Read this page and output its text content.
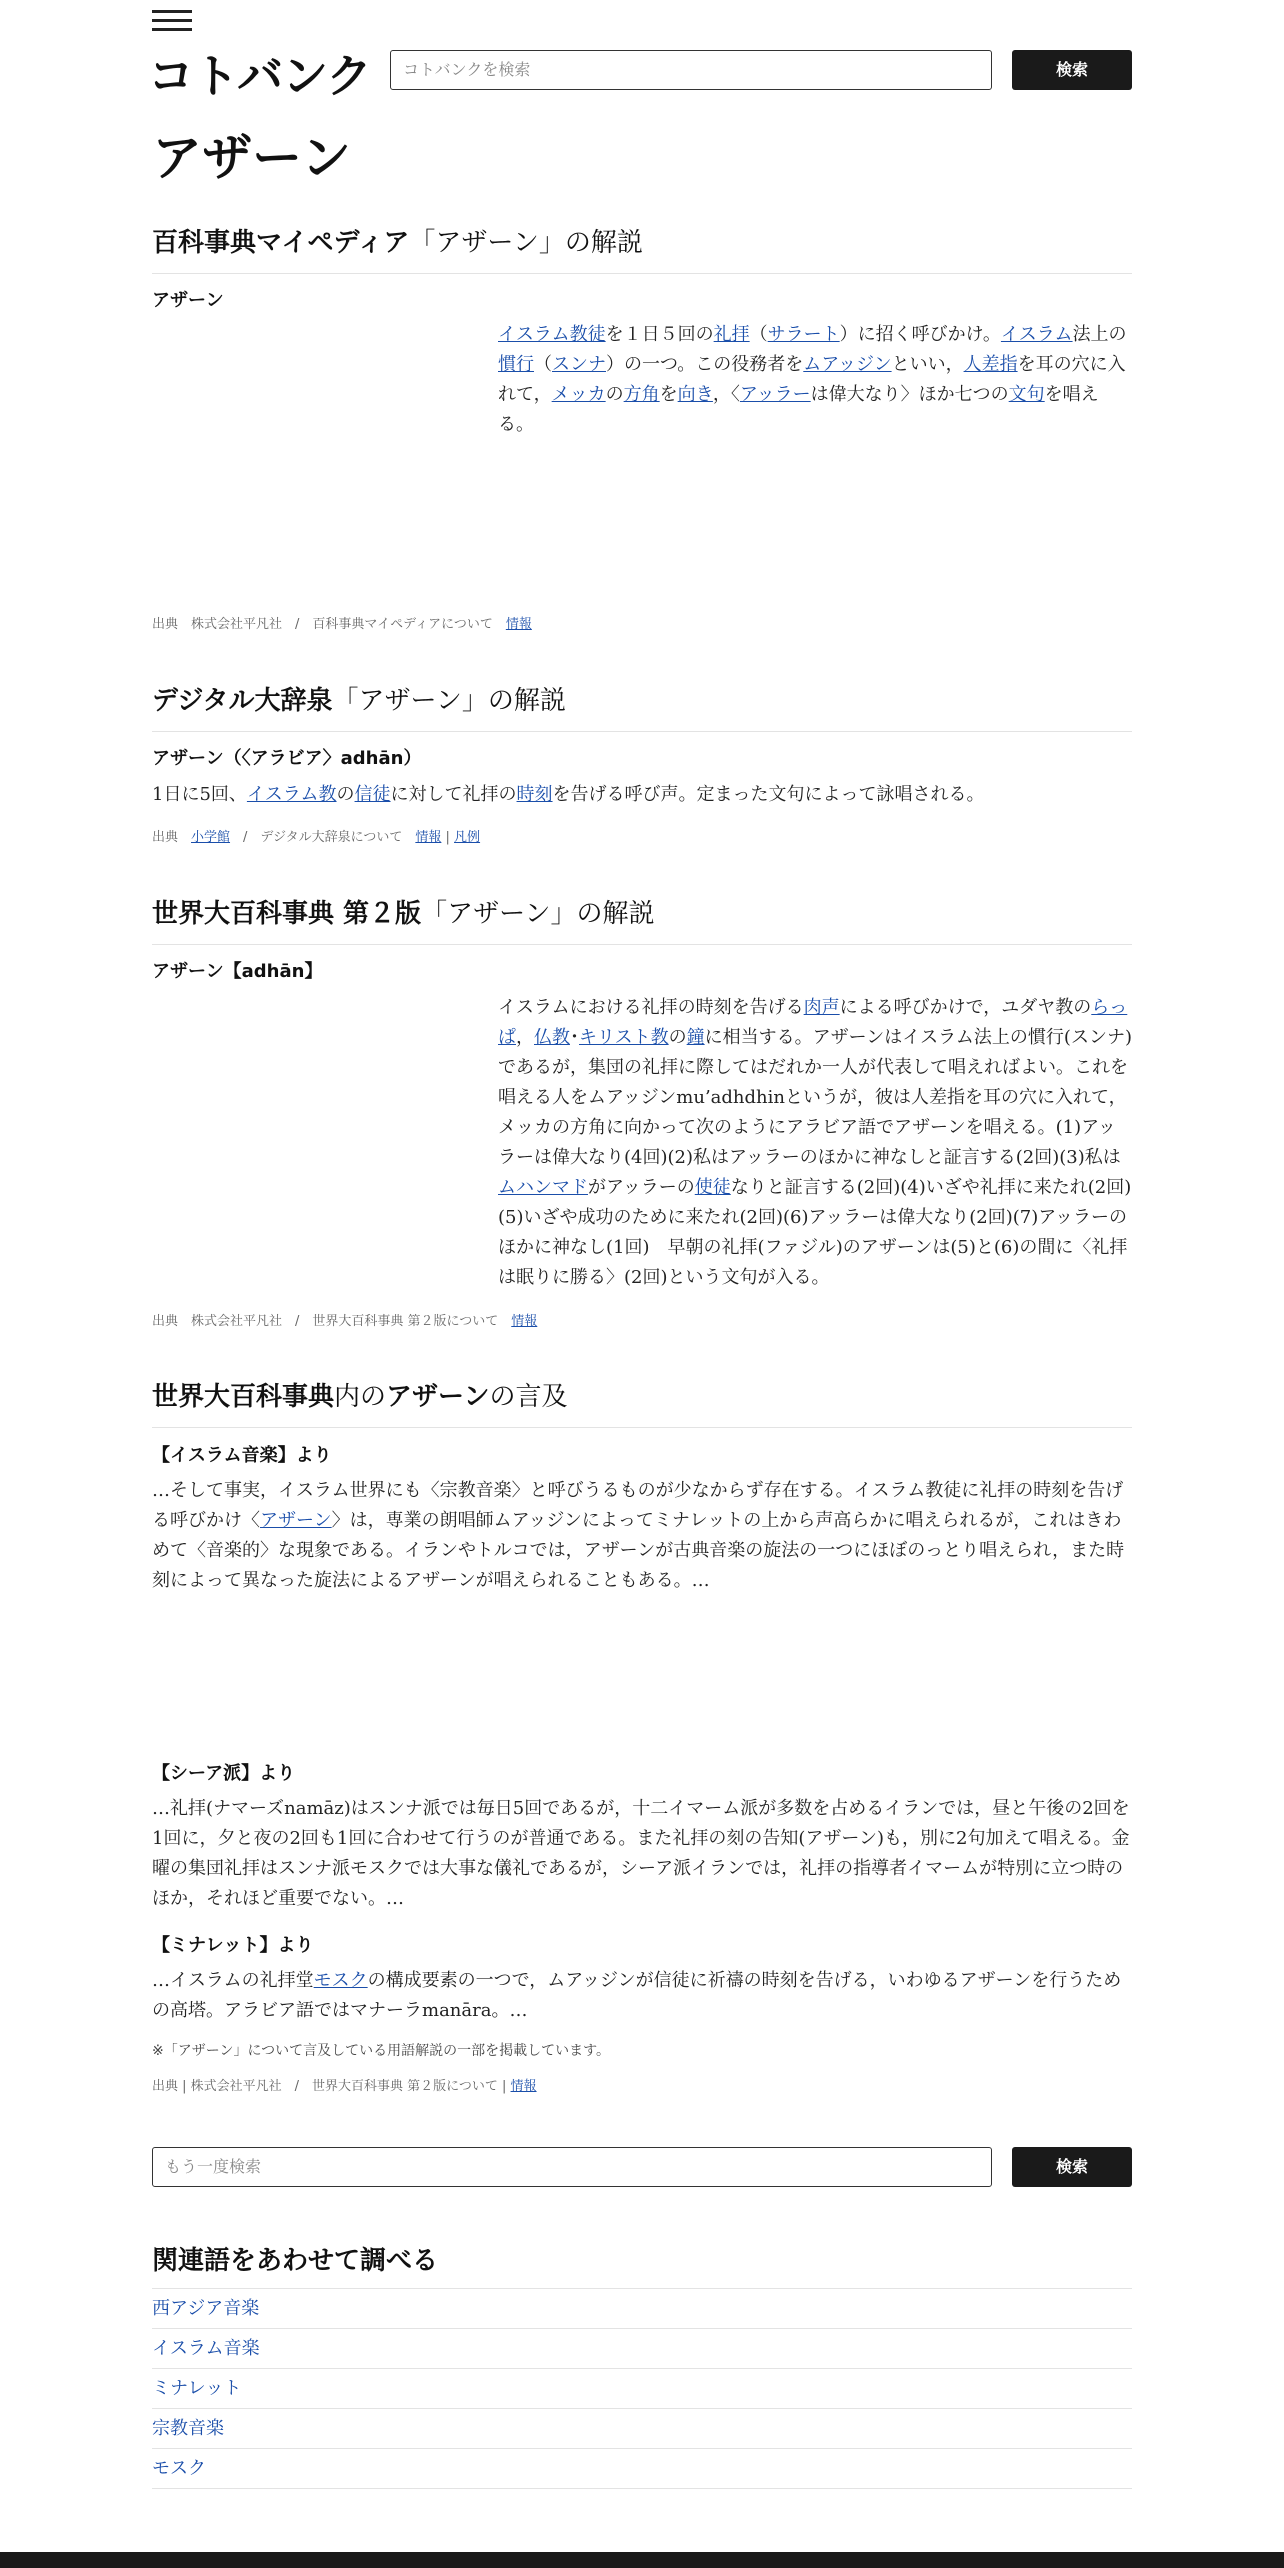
コトバンク	コトバンクを検索	検索
アザーン
百科事典マイペディア「アザーン」の解説
アザーン
イスラム教徒を１日５回の礼拝（サラート）に招く呼びかけ。イスラム法上の慣行（スンナ）の一つ。この役務者をムアッジンといい，人差指を耳の穴に入れて，メッカの方角を向き，〈アッラーは偉大なり〉ほか七つの文句を唱える。
出典　株式会社平凡社　/　百科事典マイペディアについて　情報
デジタル大辞泉「アザーン」の解説
アザーン（〈アラビア〉adhān）
1日に5回、イスラム教の信徒に対して礼拝の時刻を告げる呼び声。定まった文句によって詠唱される。
出典　小学館　/　デジタル大辞泉について　情報 | 凡例
世界大百科事典 第２版「アザーン」の解説
アザーン【adhān】
イスラムにおける礼拝の時刻を告げる肉声による呼びかけで，ユダヤ教のらっぱ，仏教･キリスト教の鐘に相当する。アザーンはイスラム法上の慣行(スンナ)であるが，集団の礼拝に際してはだれか一人が代表して唱えればよい。これを唱える人をムアッジンmu’adhdhinというが，彼は人差指を耳の穴に入れて，メッカの方角に向かって次のようにアラビア語でアザーンを唱える。(1)アッラーは偉大なり(4回)(2)私はアッラーのほかに神なしと証言する(2回)(3)私はムハンマドがアッラーの使徒なりと証言する(2回)(4)いざや礼拝に来たれ(2回)(5)いざや成功のために来たれ(2回)(6)アッラーは偉大なり(2回)(7)アッラーのほかに神なし(1回)　早朝の礼拝(ファジル)のアザーンは(5)と(6)の間に〈礼拝は眠りに勝る〉(2回)という文句が入る。
出典　株式会社平凡社　/　世界大百科事典 第２版について　情報
世界大百科事典内のアザーンの言及
【イスラム音楽】より
…そして事実，イスラム世界にも〈宗教音楽〉と呼びうるものが少なからず存在する。イスラム教徒に礼拝の時刻を告げる呼びかけ〈アザーン〉は，専業の朗唱師ムアッジンによってミナレットの上から声高らかに唱えられるが，これはきわめて〈音楽的〉な現象である。イランやトルコでは，アザーンが古典音楽の旋法の一つにほぼのっとり唱えられ，また時刻によって異なった旋法によるアザーンが唱えられることもある。…
【シーア派】より
…礼拝(ナマーズnamāz)はスンナ派では毎日5回であるが，十二イマーム派が多数を占めるイランでは，昼と午後の2回を1回に，夕と夜の2回も1回に合わせて行うのが普通である。また礼拝の刻の告知(アザーン)も，別に2句加えて唱える。金曜の集団礼拝はスンナ派モスクでは大事な儀礼であるが，シーア派イランでは，礼拝の指導者イマームが特別に立つ時のほか，それほど重要でない。…
【ミナレット】より
…イスラムの礼拝堂モスクの構成要素の一つで，ムアッジンが信徒に祈禱の時刻を告げる，いわゆるアザーンを行うための高塔。アラビア語ではマナーラmanāra。…
※「アザーン」について言及している用語解説の一部を掲載しています。
出典 | 株式会社平凡社　/　世界大百科事典 第２版について | 情報
もう一度検索	検索
関連語をあわせて調べる
西アジア音楽
イスラム音楽
ミナレット
宗教音楽
モスク
